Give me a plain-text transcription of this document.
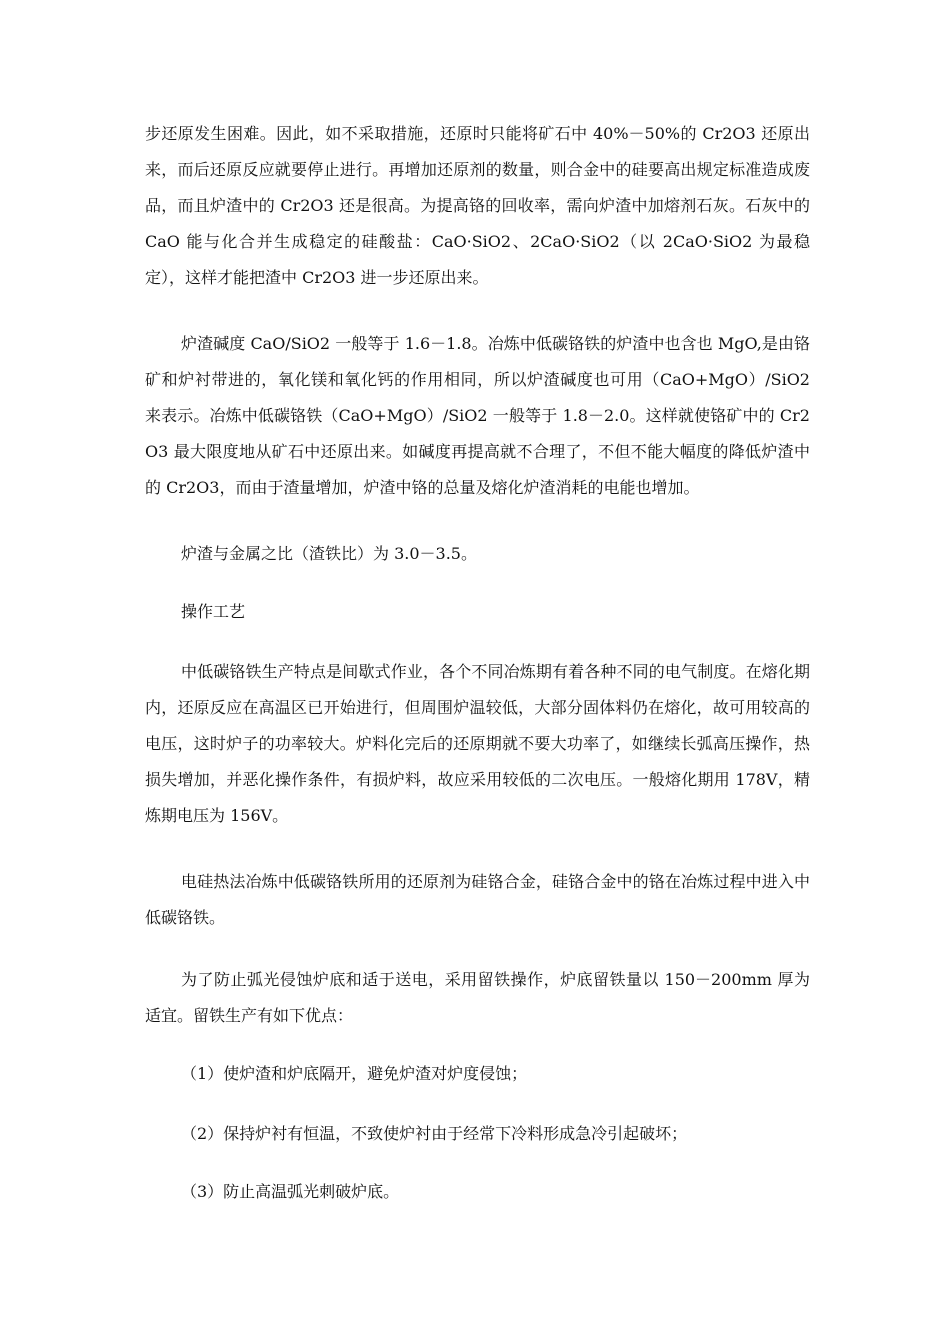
步还原发生困难。因此，如不采取措施，还原时只能将矿石中 40%－50%的 Cr2O3 还原出来，而后还原反应就要停止进行。再增加还原剂的数量，则合金中的硅要高出规定标准造成废品，而且炉渣中的 Cr2O3 还是很高。为提高铬的回收率，需向炉渣中加熔剂石灰。石灰中的 CaO 能与化合并生成稳定的硅酸盐：CaO·SiO2、2CaO·SiO2（以 2CaO·SiO2 为最稳定），这样才能把渣中 Cr2O3 进一步还原出来。

炉渣碱度 CaO/SiO2 一般等于 1.6－1.8。冶炼中低碳铬铁的炉渣中也含也 MgO,是由铬矿和炉衬带进的，氧化镁和氧化钙的作用相同，所以炉渣碱度也可用（CaO+MgO）/SiO2 来表示。冶炼中低碳铬铁（CaO+MgO）/SiO2 一般等于 1.8－2.0。这样就使铬矿中的 Cr2O3 最大限度地从矿石中还原出来。如碱度再提高就不合理了，不但不能大幅度的降低炉渣中的 Cr2O3，而由于渣量增加，炉渣中铬的总量及熔化炉渣消耗的电能也增加。

炉渣与金属之比（渣铁比）为 3.0－3.5。

操作工艺

中低碳铬铁生产特点是间歇式作业，各个不同冶炼期有着各种不同的电气制度。在熔化期内，还原反应在高温区已开始进行，但周围炉温较低，大部分固体料仍在熔化，故可用较高的电压，这时炉子的功率较大。炉料化完后的还原期就不要大功率了，如继续长弧高压操作，热损失增加，并恶化操作条件，有损炉料，故应采用较低的二次电压。一般熔化期用 178V，精炼期电压为 156V。

电硅热法冶炼中低碳铬铁所用的还原剂为硅铬合金，硅铬合金中的铬在冶炼过程中进入中低碳铬铁。

为了防止弧光侵蚀炉底和适于送电，采用留铁操作，炉底留铁量以 150－200mm 厚为适宜。留铁生产有如下优点：

（1）使炉渣和炉底隔开，避免炉渣对炉度侵蚀；

（2）保持炉衬有恒温，不致使炉衬由于经常下冷料形成急冷引起破坏；

（3）防止高温弧光刺破炉底。
